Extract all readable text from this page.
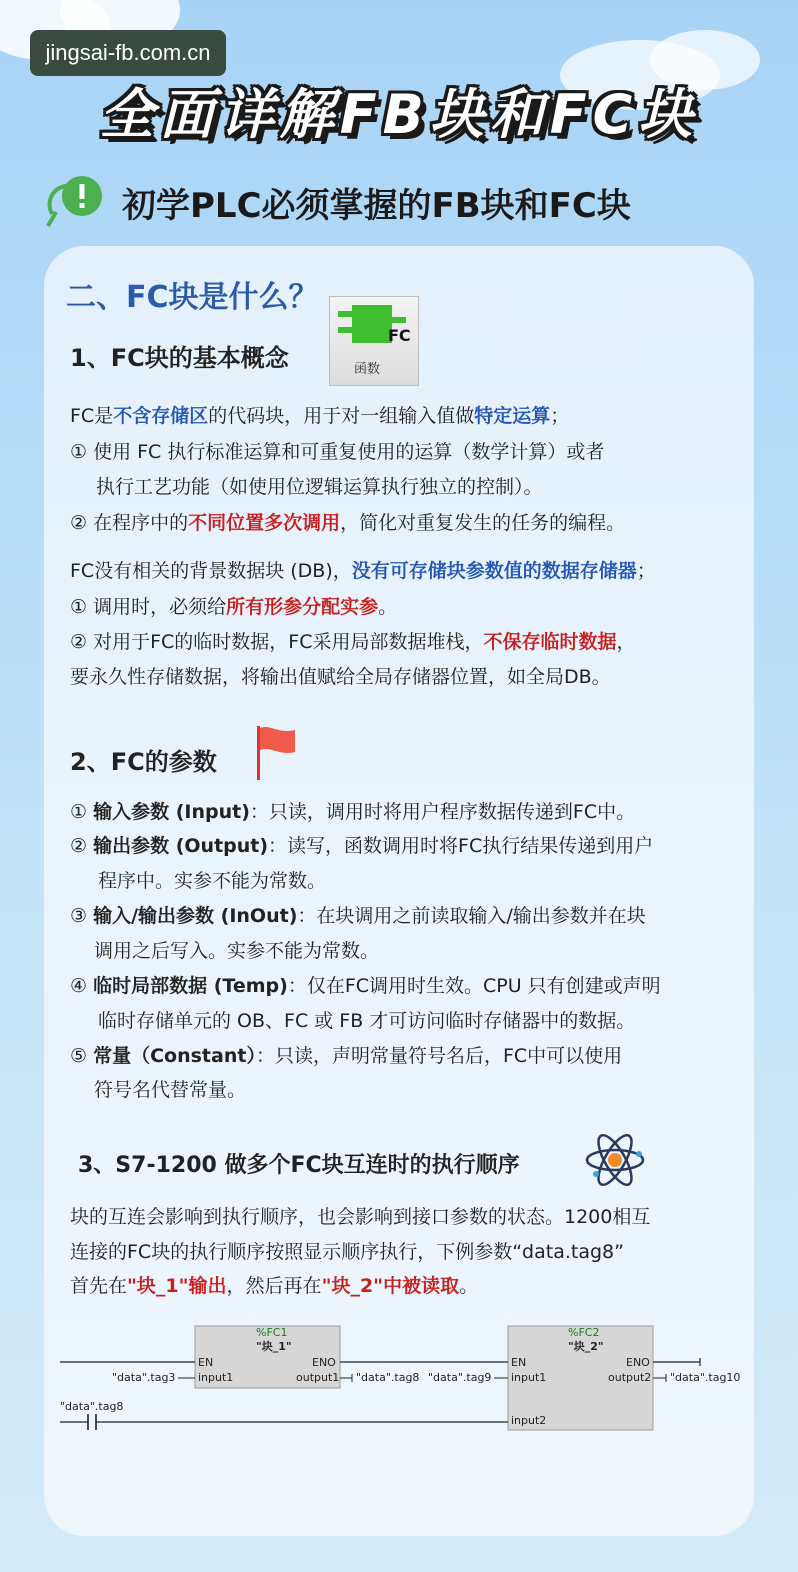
jingsai-fb.com.cn
全面详解FB块和FC块
初学PLC必须掌握的FB块和FC块
二、FC块是什么？
1、FC块的基本概念
FC
函数
FC是不含存储区的代码块，用于对一组输入值做特定运算；
① 使用 FC 执行标准运算和可重复使用的运算（数学计算）或者
执行工艺功能（如使用位逻辑运算执行独立的控制）。
② 在程序中的不同位置多次调用，简化对重复发生的任务的编程。
FC没有相关的背景数据块 (DB)，没有可存储块参数值的数据存储器；
① 调用时，必须给所有形参分配实参。
② 对用于FC的临时数据，FC采用局部数据堆栈，不保存临时数据，
要永久性存储数据，将输出值赋给全局存储器位置，如全局DB。
2、FC的参数
① 输入参数 (Input)：只读，调用时将用户程序数据传递到FC中。
② 输出参数 (Output)：读写，函数调用时将FC执行结果传递到用户
程序中。实参不能为常数。
③ 输入/输出参数 (InOut)：在块调用之前读取输入/输出参数并在块
调用之后写入。实参不能为常数。
④ 临时局部数据 (Temp)：仅在FC调用时生效。CPU 只有创建或声明
临时存储单元的 OB、FC 或 FB 才可访问临时存储器中的数据。
⑤ 常量（Constant）：只读，声明常量符号名后，FC中可以使用
符号名代替常量。
3、S7-1200 做多个FC块互连时的执行顺序
块的互连会影响到执行顺序，也会影响到接口参数的状态。1200相互
连接的FC块的执行顺序按照显示顺序执行，下例参数“data.tag8”
首先在"块_1"输出，然后再在"块_2"中被读取。
%FC1
"块_1"
EN	ENO
input1	output1
%FC2
"块_2"
EN	ENO
input1
input2
output2
"data".tag3	"data".tag8 "data".tag9	"data".tag10
"data".tag8
